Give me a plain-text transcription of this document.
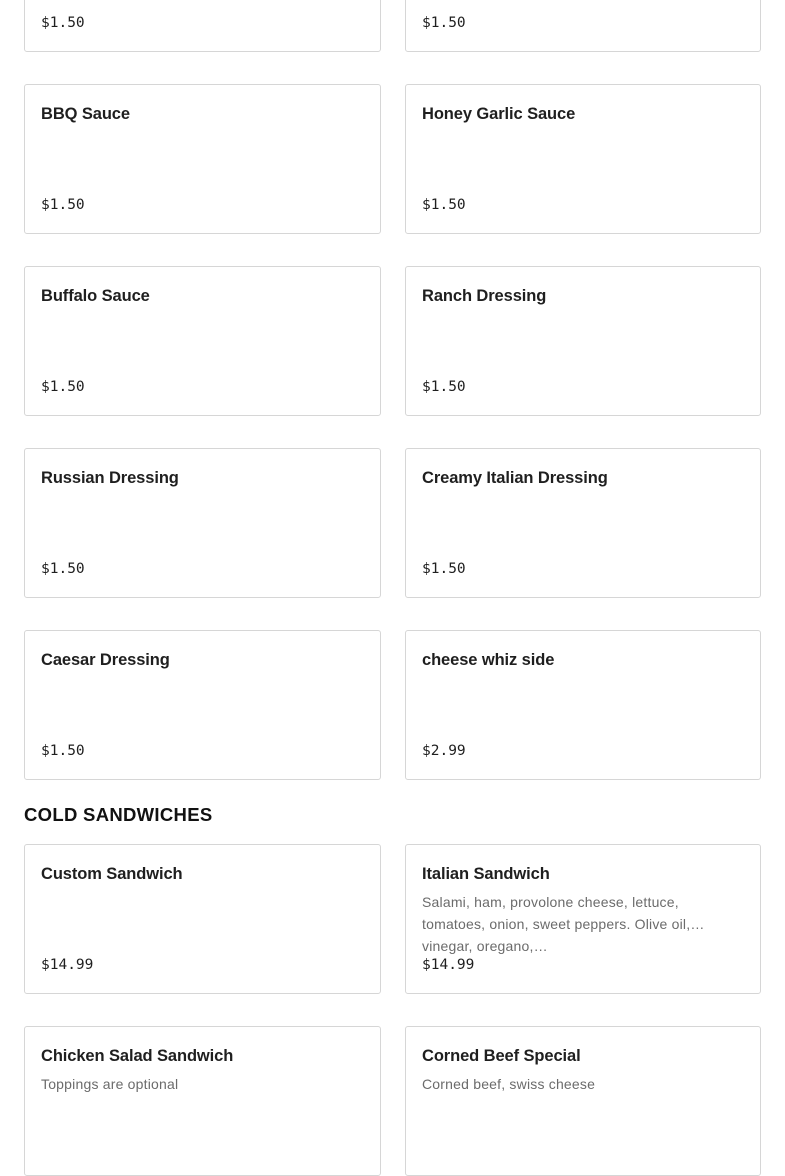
$1.50	$1.50
BBQ Sauce
$1.50
Honey Garlic Sauce
$1.50
Buffalo Sauce
$1.50
Ranch Dressing
$1.50
Russian Dressing
$1.50
Creamy Italian Dressing
$1.50
Caesar Dressing
$1.50
cheese whiz side
$2.99
COLD SANDWICHES
Custom Sandwich
$14.99
Italian Sandwich
Salami, ham, provolone cheese, lettuce, tomatoes, onion, sweet peppers. Olive oil, vinegar, oregano,…
$14.99
Chicken Salad Sandwich
Toppings are optional
Corned Beef Special
Corned beef, swiss cheese
